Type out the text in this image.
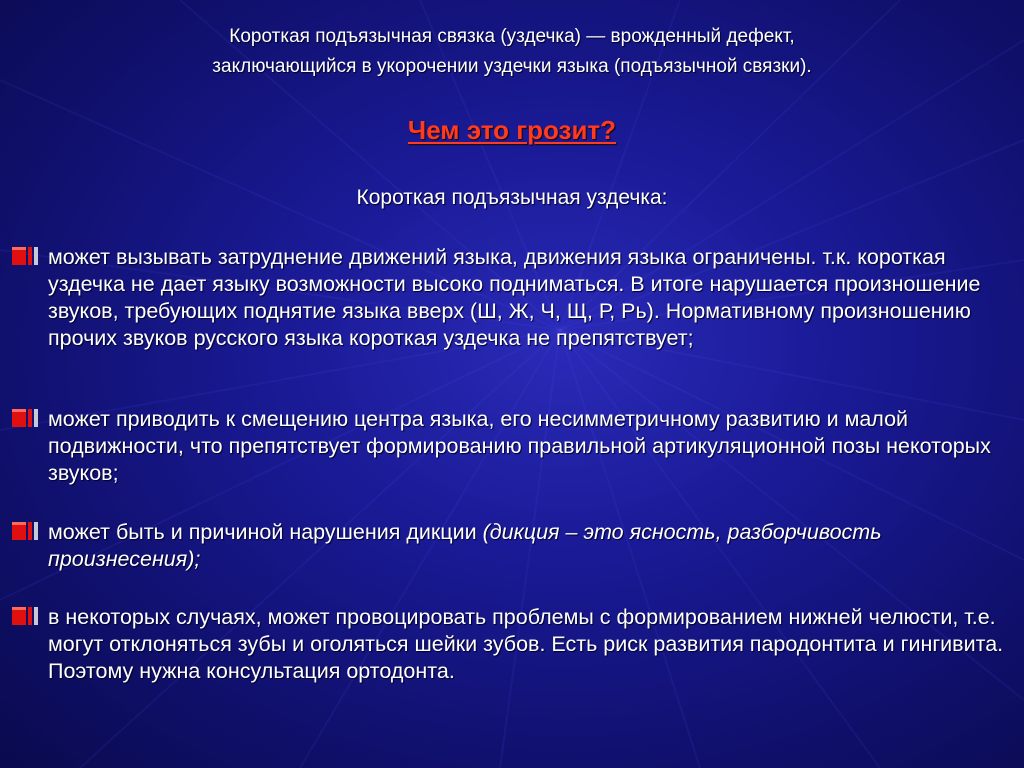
Короткая подъязычная связка (уздечка) — врожденный дефект,
заключающийся в укорочении уздечки языка (подъязычной связки).
Чем это грозит?
Короткая подъязычная уздечка:
может вызывать затруднение движений языка, движения языка ограничены. т.к. короткая уздечка не дает языку возможности высоко подниматься. В итоге нарушается произношение звуков, требующих поднятие языка вверх (Ш, Ж, Ч, Щ, Р, Рь). Нормативному произношению прочих звуков русского языка короткая уздечка не препятствует;
может приводить к смещению центра языка, его несимметричному развитию и малой подвижности, что препятствует формированию правильной артикуляционной позы некоторых звуков;
может быть и причиной нарушения дикции (дикция – это ясность, разборчивость произнесения);
в некоторых случаях, может провоцировать проблемы с формированием нижней челюсти, т.е. могут отклоняться зубы и оголяться шейки зубов. Есть риск развития пародонтита и гингивита. Поэтому нужна консультация ортодонта.
